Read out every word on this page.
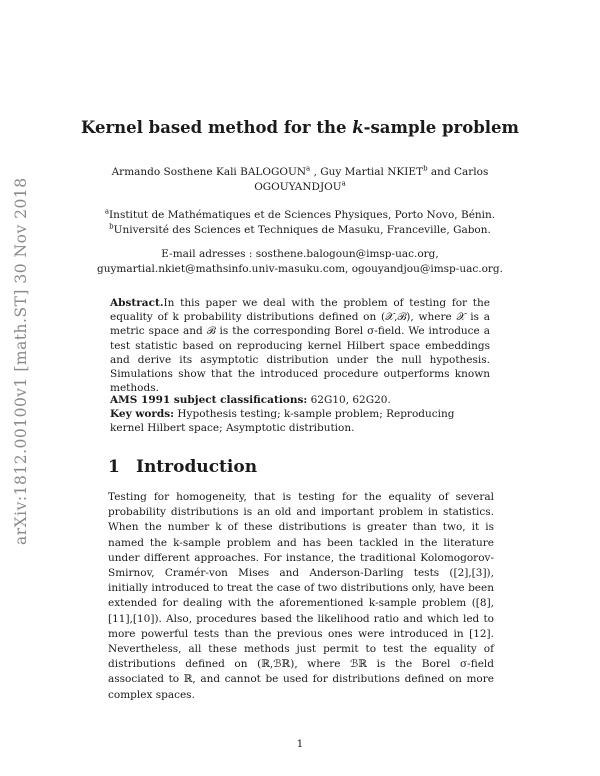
arXiv:1812.00100v1 [math.ST] 30 Nov 2018
Kernel based method for the k-sample problem
Armando Sosthene Kali BALOGOUN$^a$ , Guy Martial NKIET$^b$ and Carlos OGOUYANDJOU$^a$
$^a$Institut de Mathématiques et de Sciences Physiques, Porto Novo, Bénin.
$^b$Université des Sciences et Techniques de Masuku, Franceville, Gabon.
E-mail adresses : sosthene.balogoun@imsp-uac.org,
guymartial.nkiet@mathsinfo.univ-masuku.com, ogouyandjou@imsp-uac.org.
Abstract.In this paper we deal with the problem of testing for the equality of k probability distributions defined on (𝒳,ℬ), where 𝒳 is a metric space and ℬ is the corresponding Borel σ-field. We introduce a test statistic based on reproducing kernel Hilbert space embeddings and derive its asymptotic distribution under the null hypothesis. Simulations show that the introduced procedure outperforms known methods.
AMS 1991 subject classifications: 62G10, 62G20.
Key words: Hypothesis testing; k-sample problem; Reproducing kernel Hilbert space; Asymptotic distribution.
1 Introduction
Testing for homogeneity, that is testing for the equality of several probability distributions is an old and important problem in statistics. When the number k of these distributions is greater than two, it is named the k-sample problem and has been tackled in the literature under different approaches. For instance, the traditional Kolomogorov-Smirnov, Cramér-von Mises and Anderson-Darling tests ([2],[3]), initially introduced to treat the case of two distributions only, have been extended for dealing with the aforementioned k-sample problem ([8],[11],[10]). Also, procedures based the likelihood ratio and which led to more powerful tests than the previous ones were introduced in [12]. Nevertheless, all these methods just permit to test the equality of distributions defined on (ℝ,ℬℝ), where ℬℝ is the Borel σ-field associated to ℝ, and cannot be used for distributions defined on more complex spaces.
1
